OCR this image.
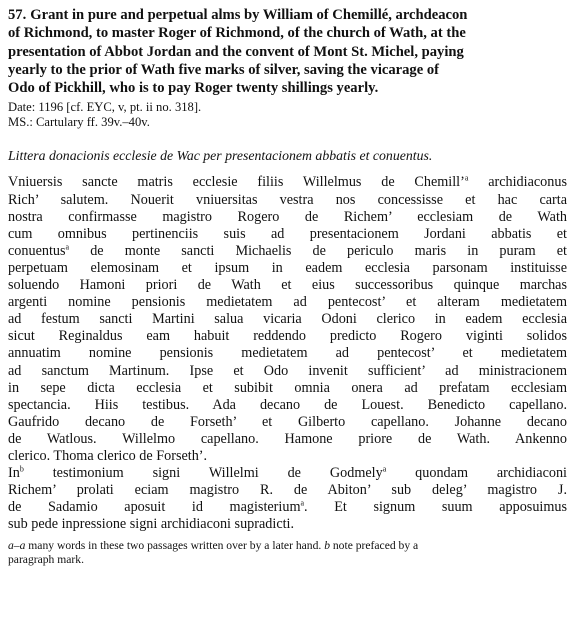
57. Grant in pure and perpetual alms by William of Chemillé, archdeacon
of Richmond, to master Roger of Richmond, of the church of Wath, at the
presentation of Abbot Jordan and the convent of Mont St. Michel, paying
yearly to the prior of Wath five marks of silver, saving the vicarage of
Odo of Pickhill, who is to pay Roger twenty shillings yearly.
Date: 1196 [cf. EYC, v, pt. ii no. 318].
MS.: Cartulary ff. 39v.–40v.
Littera donacionis ecclesie de Wac per presentacionem abbatis et conuentus.
Vniuersis sancte matris ecclesie filiis Willelmus de Chemill’$^a$ archidiaconus
Rich’ salutem. Nouerit vniuersitas vestra nos concessisse et hac carta
nostra confirmasse magistro Rogero de Richem’ ecclesiam de Wath
cum omnibus pertinenciis suis ad presentacionem Jordani abbatis et
conuentus$^a$ de monte sancti Michaelis de periculo maris in puram et
perpetuam elemosinam et ipsum in eadem ecclesia parsonam instituisse
soluendo Hamoni priori de Wath et eius successoribus quinque marchas
argenti nomine pensionis medietatem ad pentecost’ et alteram medietatem
ad festum sancti Martini salua vicaria Odoni clerico in eadem ecclesia
sicut Reginaldus eam habuit reddendo predicto Rogero viginti solidos
annuatim nomine pensionis medietatem ad pentecost’ et medietatem
ad sanctum Martinum. Ipse et Odo invenit sufficient’ ad ministracionem
in sepe dicta ecclesia et subibit omnia onera ad prefatam ecclesiam
spectancia. Hiis testibus. Ada decano de Louest. Benedicto capellano.
Gaufrido decano de Forseth’ et Gilberto capellano. Johanne decano
de Watlous. Willelmo capellano. Hamone priore de Wath. Ankenno
clerico. Thoma clerico de Forseth’.
In$^b$ testimonium signi Willelmi de Godmely$^a$ quondam archidiaconi
Richem’ prolati eciam magistro R. de Abiton’ sub deleg’ magistro J.
de Sadamio aposuit id magisterium$^a$. Et signum suum apposuimus
sub pede inpressione signi archidiaconi supradicti.
a–a many words in these two passages written over by a later hand. b note prefaced by a
paragraph mark.
